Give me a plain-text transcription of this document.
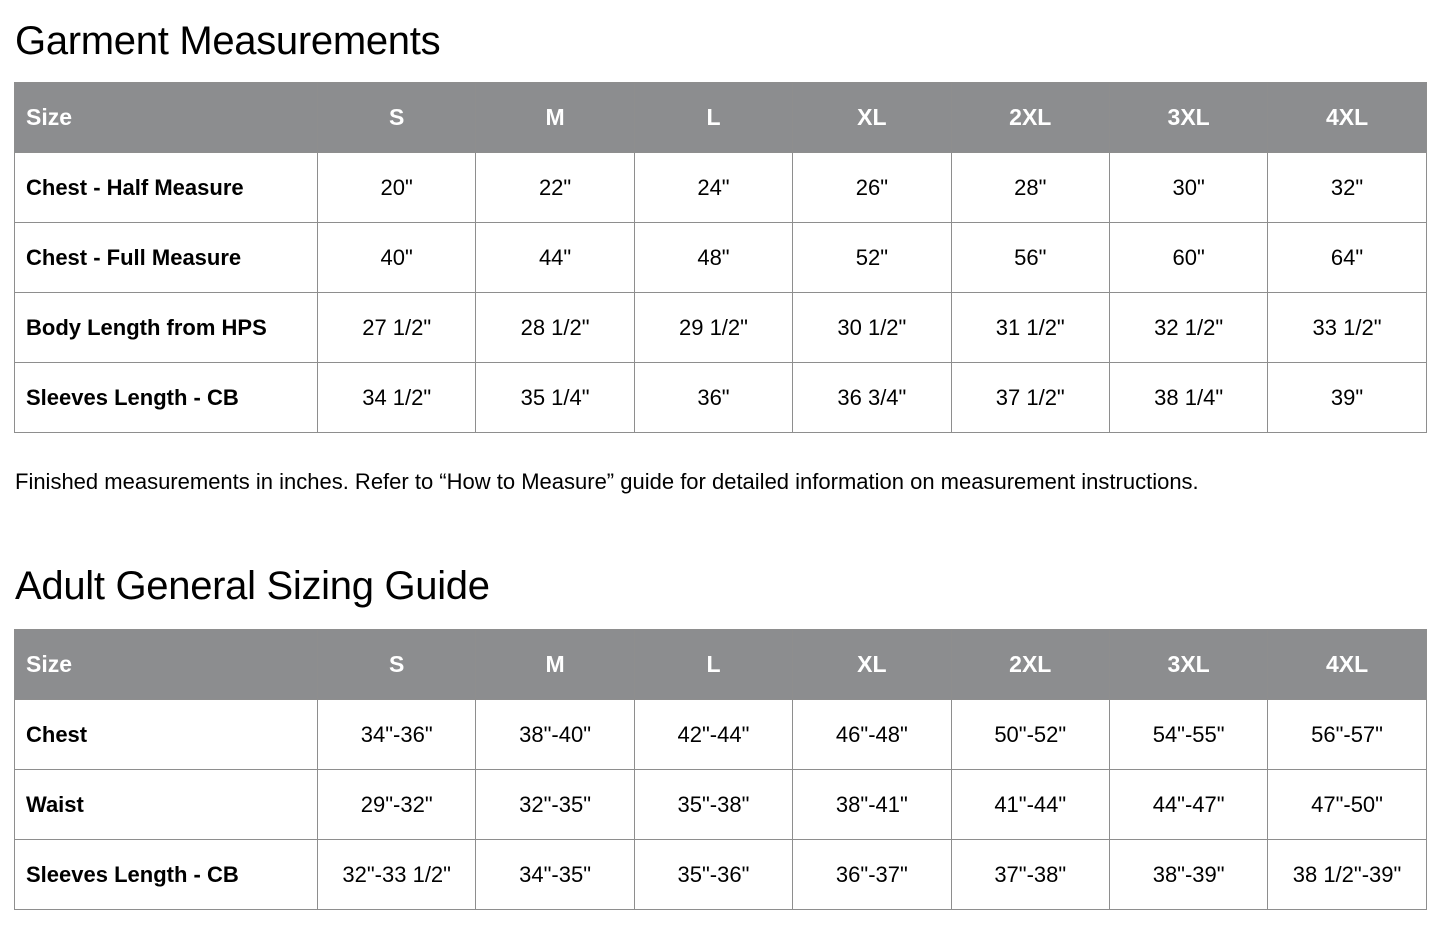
Garment Measurements
Size	S	M	L	XL	2XL	3XL	4XL
Chest - Half Measure	20"	22"	24"	26"	28"	30"	32"
Chest - Full Measure	40"	44"	48"	52"	56"	60"	64"
Body Length from HPS	27 1/2"	28 1/2"	29 1/2"	30 1/2"	31 1/2"	32 1/2"	33 1/2"
Sleeves Length - CB	34 1/2"	35 1/4"	36"	36 3/4"	37 1/2"	38 1/4"	39"

Finished measurements in inches. Refer to “How to Measure” guide for detailed information on measurement instructions.

Adult General Sizing Guide
Size	S	M	L	XL	2XL	3XL	4XL
Chest	34"-36"	38"-40"	42"-44"	46"-48"	50"-52"	54"-55"	56"-57"
Waist	29"-32"	32"-35"	35"-38"	38"-41"	41"-44"	44"-47"	47"-50"
Sleeves Length - CB	32"-33 1/2"	34"-35"	35"-36"	36"-37"	37"-38"	38"-39"	38 1/2"-39"
